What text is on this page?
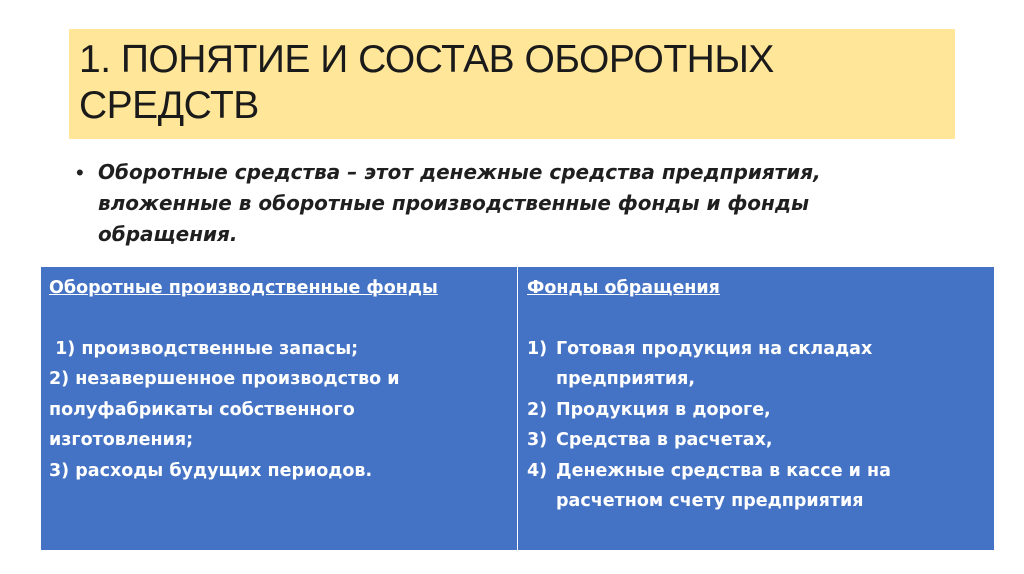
1. ПОНЯТИЕ И СОСТАВ ОБОРОТНЫХ СРЕДСТВ
• Оборотные средства – этот денежные средства предприятия, вложенные в оборотные производственные фонды и фонды обращения.
Оборотные производственные фонды
1) производственные запасы;
2) незавершенное производство и полуфабрикаты собственного изготовления;
3) расходы будущих периодов.
Фонды обращения
1) Готовая продукция на складах предприятия,
2) Продукция в дороге,
3) Средства в расчетах,
4) Денежные средства в кассе и на расчетном счету предприятия
